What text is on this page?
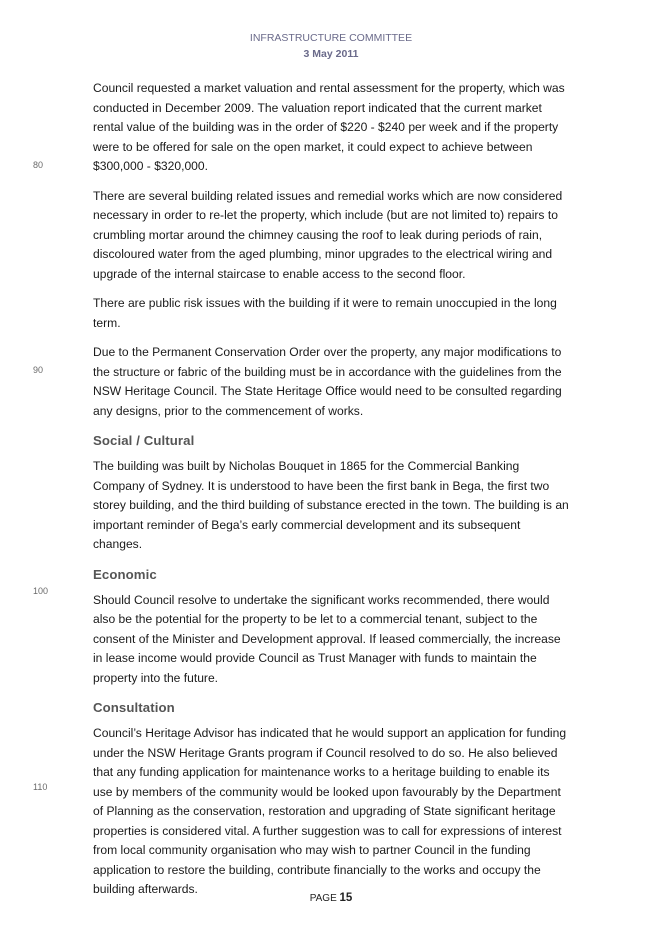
INFRASTRUCTURE COMMITTEE
3 May 2011
80
90
100
110

Council requested a market valuation and rental assessment for the property, which was conducted in December 2009. The valuation report indicated that the current market rental value of the building was in the order of $220 - $240 per week and if the property were to be offered for sale on the open market, it could expect to achieve between $300,000 - $320,000.

There are several building related issues and remedial works which are now considered necessary in order to re-let the property, which include (but are not limited to) repairs to crumbling mortar around the chimney causing the roof to leak during periods of rain, discoloured water from the aged plumbing, minor upgrades to the electrical wiring and upgrade of the internal staircase to enable access to the second floor.

There are public risk issues with the building if it were to remain unoccupied in the long term.

Due to the Permanent Conservation Order over the property, any major modifications to the structure or fabric of the building must be in accordance with the guidelines from the NSW Heritage Council. The State Heritage Office would need to be consulted regarding any designs, prior to the commencement of works.

Social / Cultural

The building was built by Nicholas Bouquet in 1865 for the Commercial Banking Company of Sydney. It is understood to have been the first bank in Bega, the first two storey building, and the third building of substance erected in the town. The building is an important reminder of Bega’s early commercial development and its subsequent changes.

Economic

Should Council resolve to undertake the significant works recommended, there would also be the potential for the property to be let to a commercial tenant, subject to the consent of the Minister and Development approval. If leased commercially, the increase in lease income would provide Council as Trust Manager with funds to maintain the property into the future.

Consultation

Council’s Heritage Advisor has indicated that he would support an application for funding under the NSW Heritage Grants program if Council resolved to do so. He also believed that any funding application for maintenance works to a heritage building to enable its use by members of the community would be looked upon favourably by the Department of Planning as the conservation, restoration and upgrading of State significant heritage properties is considered vital. A further suggestion was to call for expressions of interest from local community organisation who may wish to partner Council in the funding application to restore the building, contribute financially to the works and occupy the building afterwards.

PAGE 15
